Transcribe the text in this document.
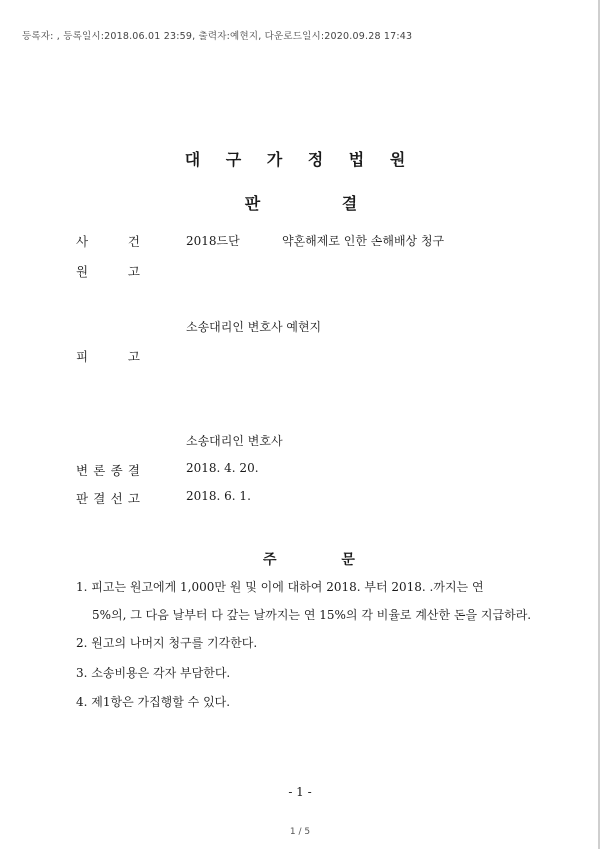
등록자: , 등록일시:2018.06.01 23:59, 출력자:예현지, 다운로드일시:2020.09.28 17:43
대 구 가 정 법 원
판 결
사 건	2018드단	약혼해제로 인한 손해배상 청구
원 고
소송대리인 변호사 예현지
피 고
소송대리인 변호사
변 론 종 결	2018. 4. 20.
판 결 선 고	2018. 6. 1.
주 문
1. 피고는 원고에게 1,000만 원 및 이에 대하여 2018. 부터 2018. .까지는 연
5%의, 그 다음 날부터 다 갚는 날까지는 연 15%의 각 비율로 계산한 돈을 지급하라.
2. 원고의 나머지 청구를 기각한다.
3. 소송비용은 각자 부담한다.
4. 제1항은 가집행할 수 있다.
- 1 -
1 / 5
